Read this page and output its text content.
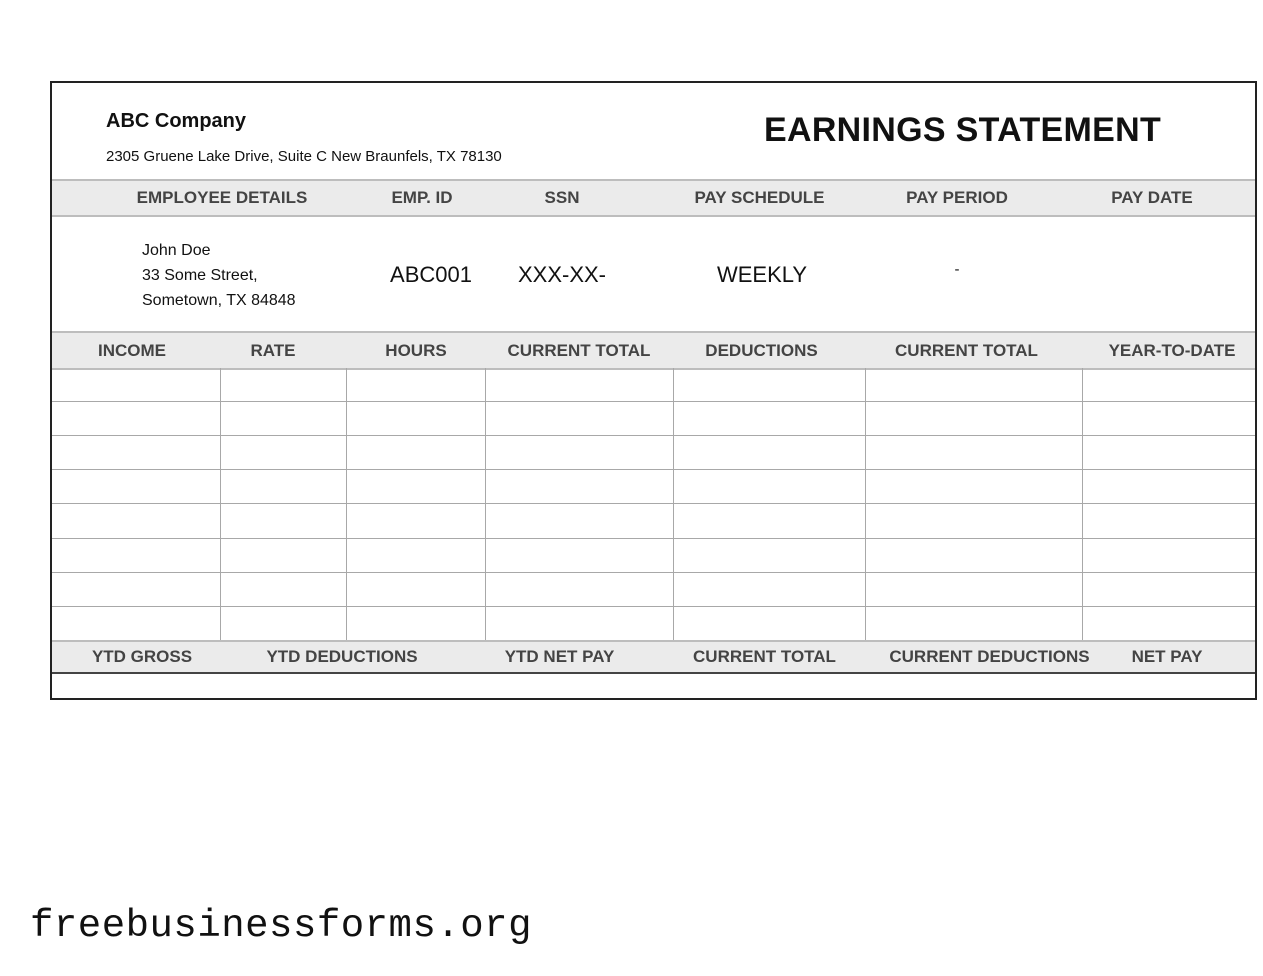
ABC Company
2305 Gruene Lake Drive, Suite C New Braunfels, TX 78130
EARNINGS STATEMENT
EMPLOYEE DETAILS	EMP. ID	SSN	PAY SCHEDULE	PAY PERIOD	PAY DATE
John Doe
33 Some Street,
Sometown, TX 84848
ABC001	XXX-XX-	WEEKLY	-
INCOME	RATE	HOURS	CURRENT TOTAL	DEDUCTIONS	CURRENT TOTAL	YEAR-TO-DATE

YTD GROSS	YTD DEDUCTIONS	YTD NET PAY	CURRENT TOTAL	CURRENT DEDUCTIONS	NET PAY
freebusinessforms.org
